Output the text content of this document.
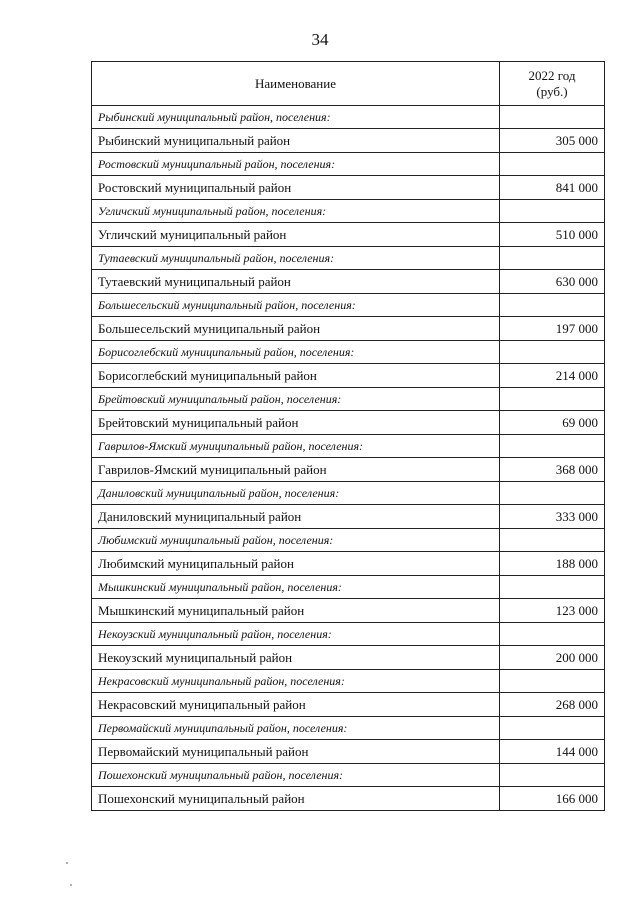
34
Наименование	2022 год
(руб.)
Рыбинский муниципальный район, поселения:	
Рыбинский муниципальный район	305 000
Ростовский муниципальный район, поселения:	
Ростовский муниципальный район	841 000
Угличский муниципальный район, поселения:	
Угличский муниципальный район	510 000
Тутаевский муниципальный район, поселения:	
Тутаевский муниципальный район	630 000
Большесельский муниципальный район, поселения:	
Большесельский муниципальный район	197 000
Борисоглебский муниципальный район, поселения:	
Борисоглебский муниципальный район	214 000
Брейтовский муниципальный район, поселения:	
Брейтовский муниципальный район	69 000
Гаврилов-Ямский муниципальный район, поселения:	
Гаврилов-Ямский муниципальный район	368 000
Даниловский муниципальный район, поселения:	
Даниловский муниципальный район	333 000
Любимский муниципальный район, поселения:	
Любимский муниципальный район	188 000
Мышкинский муниципальный район, поселения:	
Мышкинский муниципальный район	123 000
Некоузский муниципальный район, поселения:	
Некоузский муниципальный район	200 000
Некрасовский муниципальный район, поселения:	
Некрасовский муниципальный район	268 000
Первомайский муниципальный район, поселения:	
Первомайский муниципальный район	144 000
Пошехонский муниципальный район, поселения:	
Пошехонский муниципальный район	166 000
